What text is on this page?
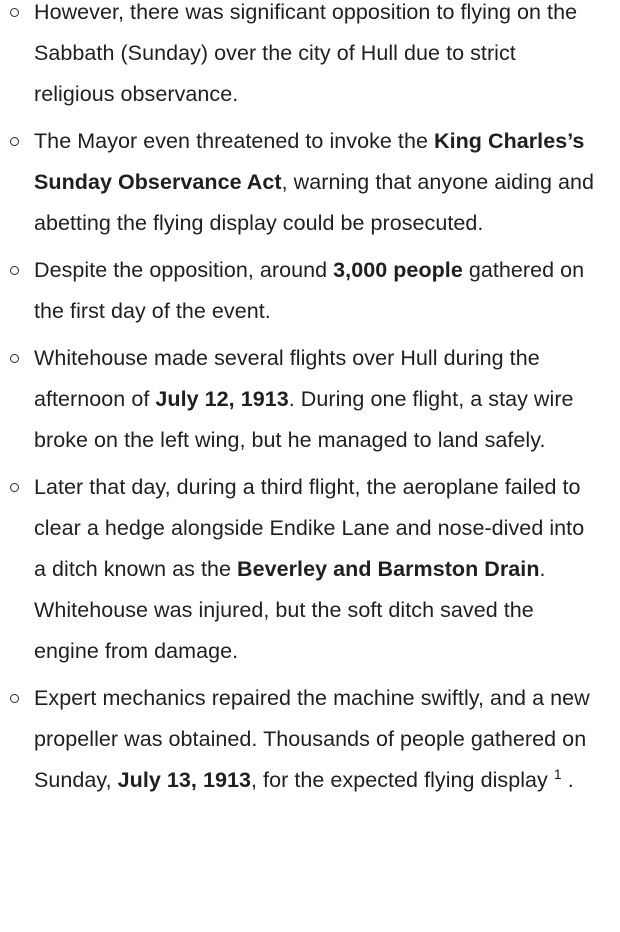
However, there was significant opposition to flying on the Sabbath (Sunday) over the city of Hull due to strict religious observance.
The Mayor even threatened to invoke the King Charles’s Sunday Observance Act, warning that anyone aiding and abetting the flying display could be prosecuted.
Despite the opposition, around 3,000 people gathered on the first day of the event.
Whitehouse made several flights over Hull during the afternoon of July 12, 1913. During one flight, a stay wire broke on the left wing, but he managed to land safely.
Later that day, during a third flight, the aeroplane failed to clear a hedge alongside Endike Lane and nose-dived into a ditch known as the Beverley and Barmston Drain. Whitehouse was injured, but the soft ditch saved the engine from damage.
Expert mechanics repaired the machine swiftly, and a new propeller was obtained. Thousands of people gathered on Sunday, July 13, 1913, for the expected flying display $^1$ .
